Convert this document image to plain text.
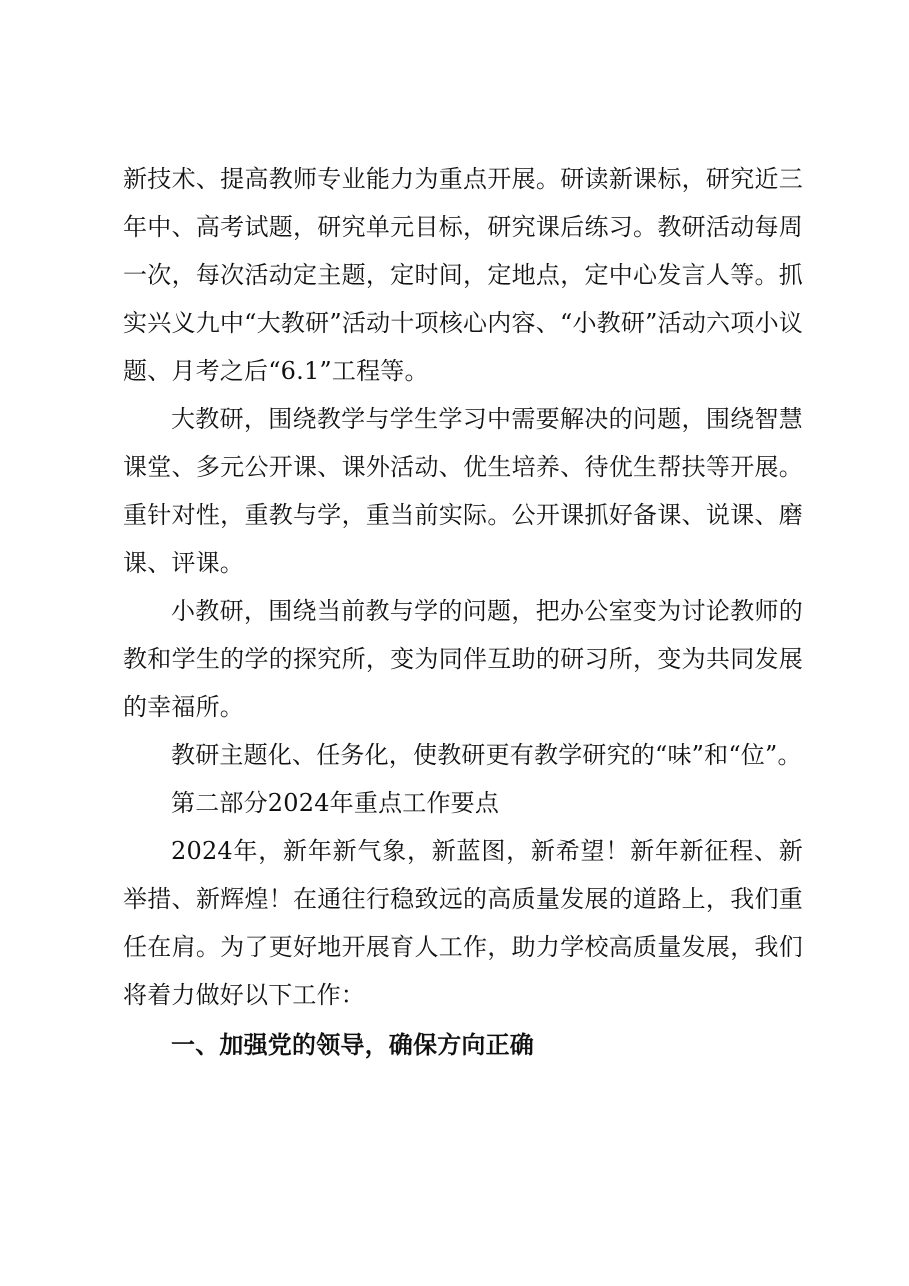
新技术、提高教师专业能力为重点开展。研读新课标，研究近三年中、高考试题，研究单元目标，研究课后练习。教研活动每周一次，每次活动定主题，定时间，定地点，定中心发言人等。抓实兴义九中“大教研”活动十项核心内容、“小教研”活动六项小议题、月考之后“6.1”工程等。

大教研，围绕教学与学生学习中需要解决的问题，围绕智慧课堂、多元公开课、课外活动、优生培养、待优生帮扶等开展。重针对性，重教与学，重当前实际。公开课抓好备课、说课、磨课、评课。

小教研，围绕当前教与学的问题，把办公室变为讨论教师的教和学生的学的探究所，变为同伴互助的研习所，变为共同发展的幸福所。

教研主题化、任务化，使教研更有教学研究的“味”和“位”。

第二部分2024年重点工作要点

2024年，新年新气象，新蓝图，新希望！新年新征程、新举措、新辉煌！在通往行稳致远的高质量发展的道路上，我们重任在肩。为了更好地开展育人工作，助力学校高质量发展，我们将着力做好以下工作：

一、加强党的领导，确保方向正确
